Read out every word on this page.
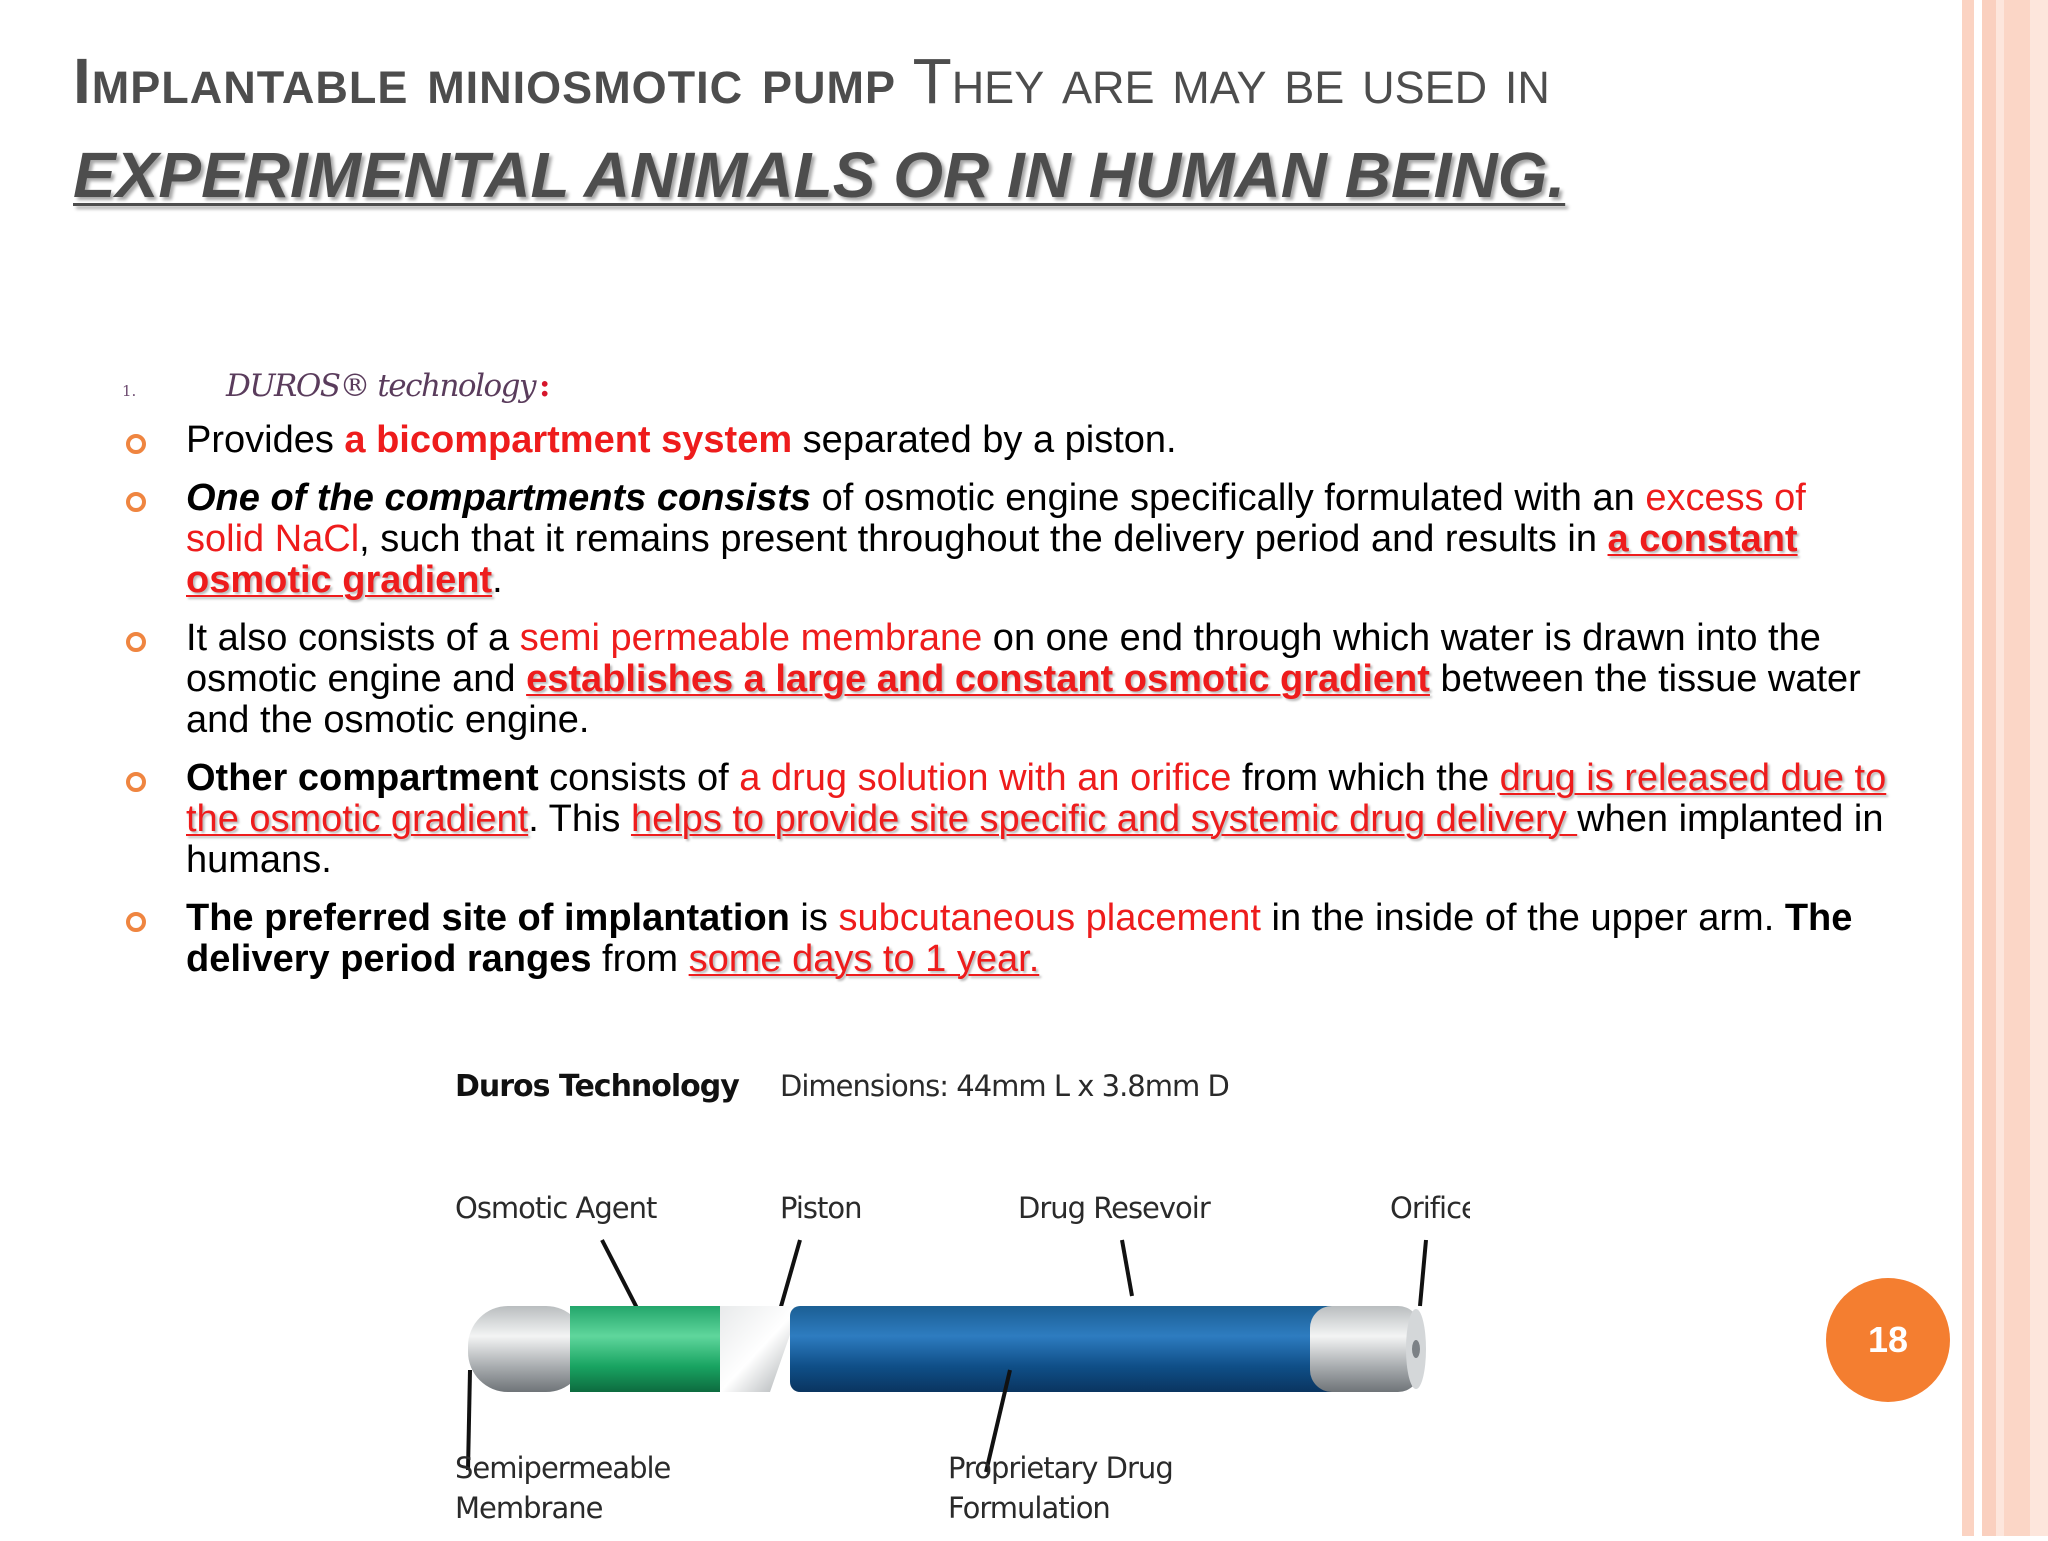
Implantable miniosmotic pump They are may be used in EXPERIMENTAL ANIMALS OR IN HUMAN BEING.
1.	DUROS® technology :
Provides a bicompartment system separated by a piston.
One of the compartments consists of osmotic engine specifically formulated with an excess of solid NaCl, such that it remains present throughout the delivery period and results in a constant osmotic gradient.
It also consists of a semi permeable membrane on one end through which water is drawn into the osmotic engine and establishes a large and constant osmotic gradient between the tissue water and the osmotic engine.
Other compartment consists of a drug solution with an orifice from which the drug is released due to the osmotic gradient. This helps to provide site specific and systemic drug delivery when implanted in humans.
The preferred site of implantation is subcutaneous placement in the inside of the upper arm. The delivery period ranges from some days to 1 year.
Duros Technology Dimensions: 44mm L x 3.8mm D
Osmotic Agent	Piston	Drug Resevoir	Orifice
Semipermeable
Membrane
Proprietary Drug
Formulation
18
